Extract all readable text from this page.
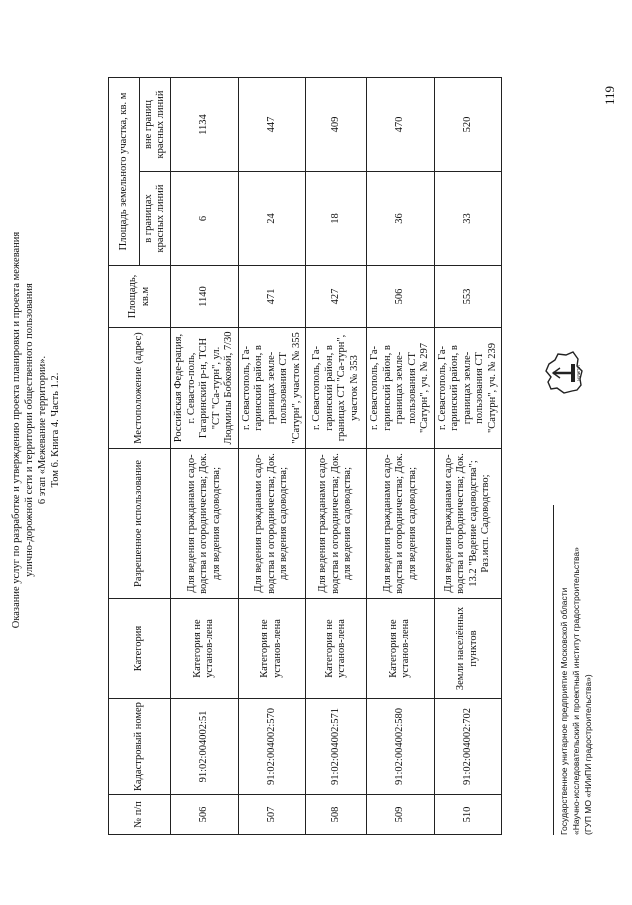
Оказание услуг по разработке и утверждению проекта планировки и проекта межевания улично-дорожной сети и территории общественного пользования 6 этап «Межевание территории». Том 6. Книга 4. Часть 1.2.
№ п/п	Кадастровый номер	Категория	Разрешенное использование	Местоположение (адрес)	Площадь, кв.м	Площадь земельного участка, кв. м	
						в границах красных линий	вне границ красных линий
506	91:02:004002:51	Категория не установ-лена	Для ведения гражданами садо-водства и огородничества; Док. для ведения садоводства;	Российская Феде-рация, г. Севасто-поль, Гагаринский р-н, ТСН "СТ "Са-турн", ул. Людмилы Бобковой, 7/30	1140	6	1134
507	91:02:004002:570	Категория не установ-лена	Для ведения гражданами садо-водства и огородничества; Док. для ведения садоводства;	г. Севастополь, Га-гаринский район, в границах земле-пользования СТ "Сатурн", участок № 355	471	24	447
508	91:02:004002:571	Категория не установ-лена	Для ведения гражданами садо-водства и огородничества; Док. для ведения садоводства;	г. Севастополь, Га-гаринский район, в границах СТ "Са-турн", участок № 353	427	18	409
509	91:02:004002:580	Категория не установ-лена	Для ведения гражданами садо-водства и огородничества; Док. для ведения садоводства;	г. Севастополь, Га-гаринский район, в границах земле-пользования СТ "Сатурн", уч. № 297	506	36	470
510	91:02:004002:702	Земли населённых пунктов	Для ведения гражданами садо-водства и огородничества; Док. 13.2 "Ведение садоводства"; Раз.исп. Садоводство;	г. Севастополь, Га-гаринский район, в границах земле-пользования СТ "Сатурн", уч. № 239	553	33	520
Государственное унитарное предприятие Московской области «Научно-исследовательский и проектный институт градостроительства» (ГУП МО «НИиПИ градостроительства»)
НИиПИ
119
